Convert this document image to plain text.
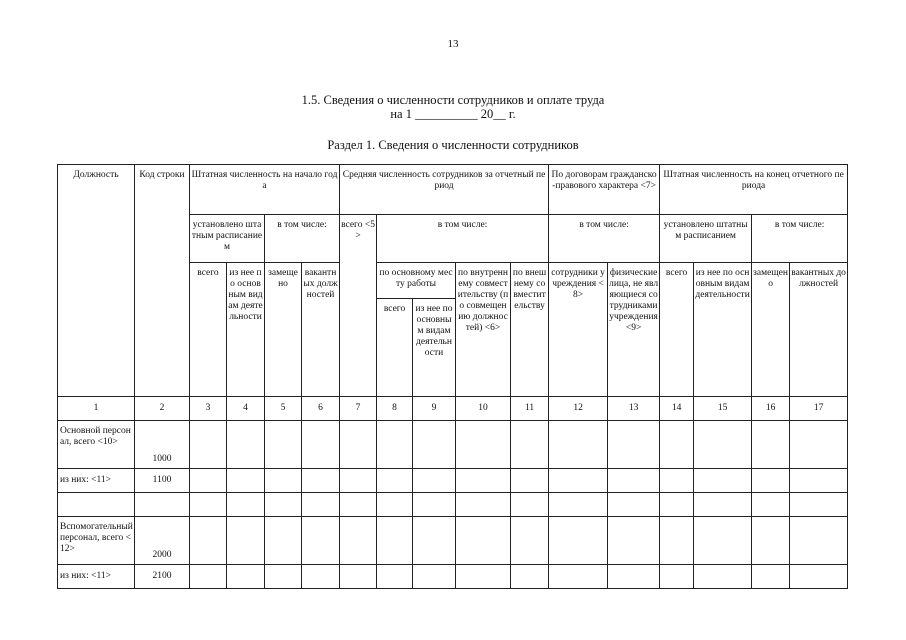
13
1.5. Сведения о численности сотрудников и оплате труда
на 1 __________ 20__ г.
Раздел 1. Сведения о численности сотрудников
Должность	Код строки	Штатная численность на начало года				Средняя численность сотрудников за отчетный период					По договорам гражданско-правового характера <7>		Штатная численность на конец отчетного периода			
		установлено штатным расписанием		в том числе:		всего <5>	в том числе:				в том числе:		установлено штатным расписанием		в том числе:	
		всего	из нее по основным видам деятельности	замещено	вакантных должностей		по основному месту работы		по внутреннему совместительству (по совмещению должностей) <6>	по внешнему совместительству	сотрудники учреждения <8>	физические лица, не являющиеся сотрудниками учреждения <9>	всего	из нее по основным видам деятельности	замещено	вакантных должностей
							всего	из нее по основным видам деятельности								
1	2	3	4	5	6	7	8	9	10	11	12	13	14	15	16	17
Основной персонал, всего <10>	1000															
из них: <11>	1100															

Вспомогательный персонал, всего <12>	2000															
из них: <11>	2100															
